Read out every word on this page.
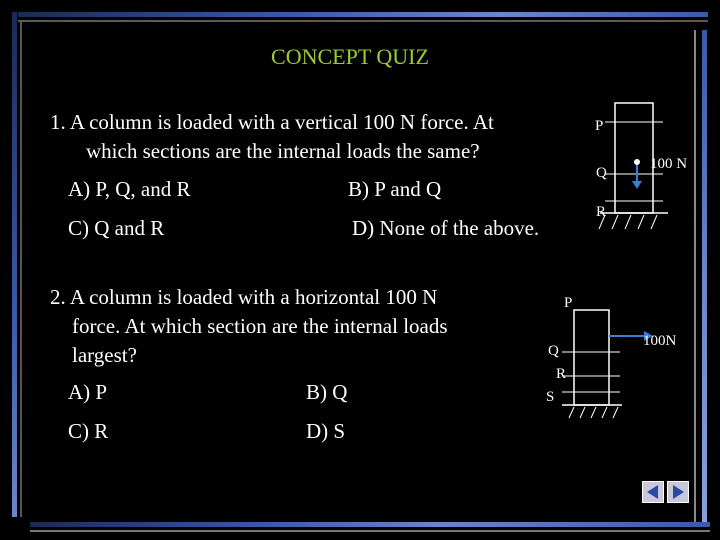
CONCEPT QUIZ
1. A column is loaded with a vertical 100 N force. At
which sections are the internal loads the same?
A) P, Q, and R	B) P and Q
C) Q and R	D) None of the above.
2. A column is loaded with a horizontal 100 N
force. At which section are the internal loads
largest?
A) P	B) Q
C) R	D) S
P
Q
R
100 N
P
Q
R
S
100N
